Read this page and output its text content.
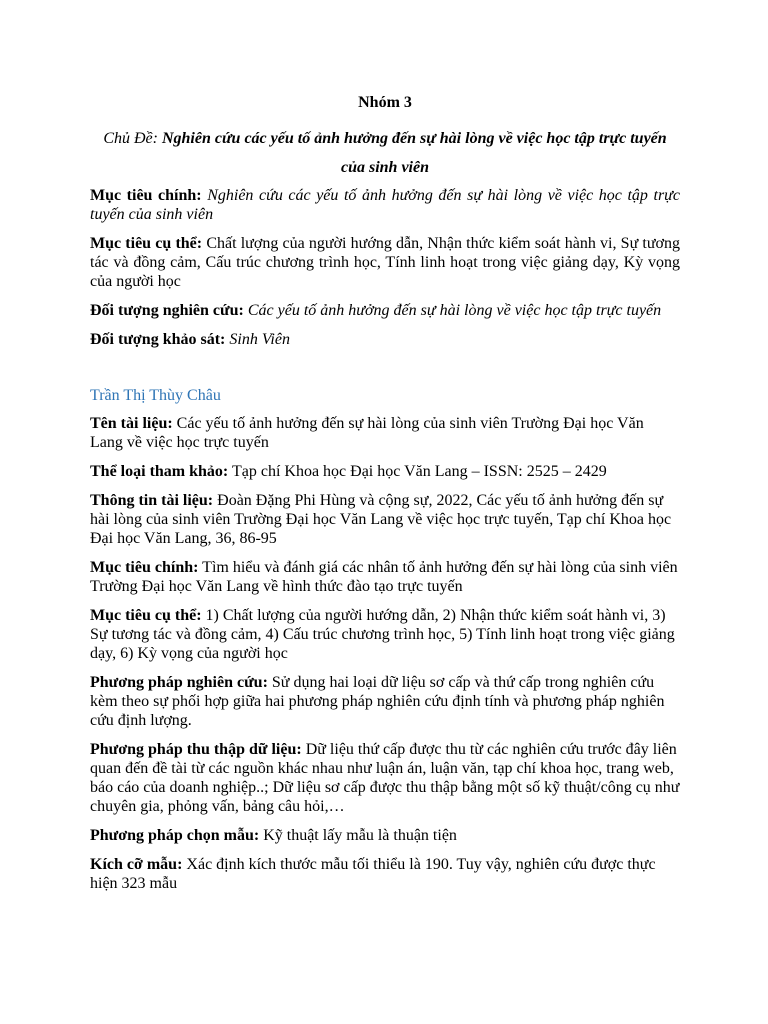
Nhóm 3
Chủ Đề: Nghiên cứu các yếu tố ảnh hưởng đến sự hài lòng về việc học tập trực tuyến của sinh viên

Mục tiêu chính: Nghiên cứu các yếu tố ảnh hưởng đến sự hài lòng về việc học tập trực tuyến của sinh viên

Mục tiêu cụ thể: Chất lượng của người hướng dẫn, Nhận thức kiểm soát hành vi, Sự tương tác và đồng cảm, Cấu trúc chương trình học, Tính linh hoạt trong việc giảng dạy, Kỳ vọng của người học

Đối tượng nghiên cứu: Các yếu tố ảnh hưởng đến sự hài lòng về việc học tập trực tuyến

Đối tượng khảo sát: Sinh Viên

Trần Thị Thùy Châu

Tên tài liệu: Các yếu tố ảnh hưởng đến sự hài lòng của sinh viên Trường Đại học Văn Lang về việc học trực tuyến

Thể loại tham khảo: Tạp chí Khoa học Đại học Văn Lang – ISSN: 2525 – 2429

Thông tin tài liệu: Đoàn Đặng Phi Hùng và cộng sự, 2022, Các yếu tố ảnh hưởng đến sự hài lòng của sinh viên Trường Đại học Văn Lang về việc học trực tuyến, Tạp chí Khoa học Đại học Văn Lang, 36, 86-95

Mục tiêu chính: Tìm hiểu và đánh giá các nhân tố ảnh hưởng đến sự hài lòng của sinh viên Trường Đại học Văn Lang về hình thức đào tạo trực tuyến

Mục tiêu cụ thể: 1) Chất lượng của người hướng dẫn, 2) Nhận thức kiểm soát hành vi, 3) Sự tương tác và đồng cảm, 4) Cấu trúc chương trình học, 5) Tính linh hoạt trong việc giảng dạy, 6) Kỳ vọng của người học

Phương pháp nghiên cứu: Sử dụng hai loại dữ liệu sơ cấp và thứ cấp trong nghiên cứu kèm theo sự phối hợp giữa hai phương pháp nghiên cứu định tính và phương pháp nghiên cứu định lượng.

Phương pháp thu thập dữ liệu: Dữ liệu thứ cấp được thu từ các nghiên cứu trước đây liên quan đến đề tài từ các nguồn khác nhau như luận án, luận văn, tạp chí khoa học, trang web, báo cáo của doanh nghiệp..; Dữ liệu sơ cấp được thu thập bằng một số kỹ thuật/công cụ như chuyên gia, phỏng vấn, bảng câu hỏi,…

Phương pháp chọn mẫu: Kỹ thuật lấy mẫu là thuận tiện

Kích cỡ mẫu: Xác định kích thước mẫu tối thiểu là 190. Tuy vậy, nghiên cứu được thực hiện 323 mẫu
